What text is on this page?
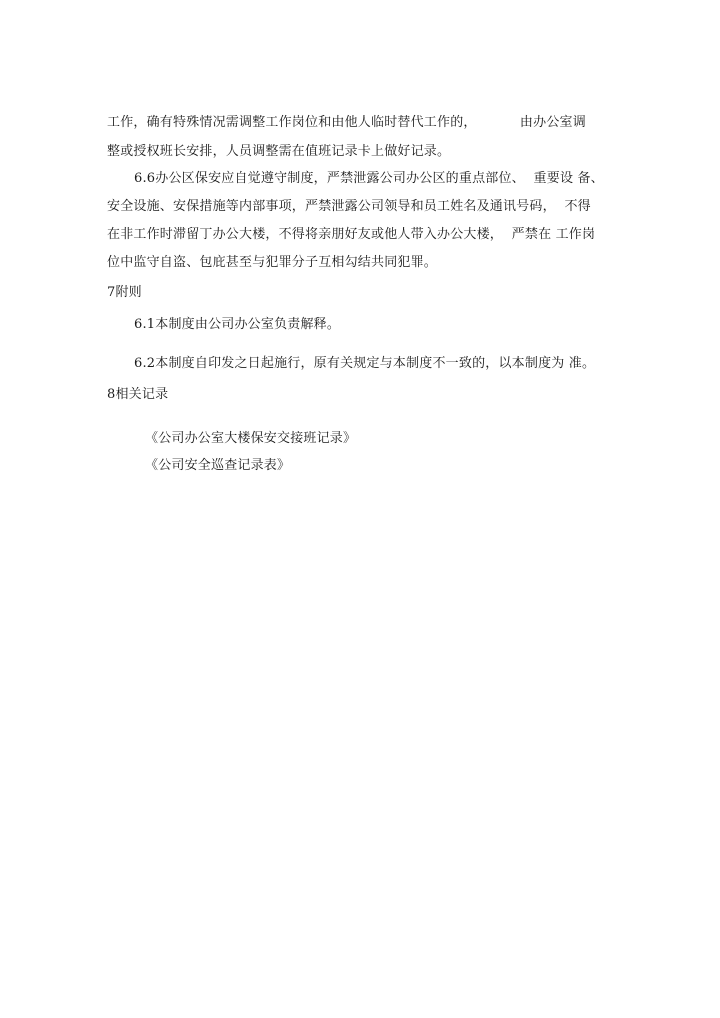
工作，确有特殊情况需调整工作岗位和由他人临时替代工作的，          由办公室调
整或授权班长安排，人员调整需在值班记录卡上做好记录。
6.6办公区保安应自觉遵守制度，严禁泄露公司办公区的重点部位、  重要设 备、
安全设施、安保措施等内部事项，严禁泄露公司领导和员工姓名及通讯号码，  不得
在非工作时滞留丁办公大楼，不得将亲朋好友或他人带入办公大楼，  严禁在 工作岗
位中监守自盗、包庇甚至与犯罪分子互相勾结共同犯罪。
7附则
6.1本制度由公司办公室负责解释。
6.2本制度自印发之日起施行，原有关规定与本制度不一致的，以本制度为 准。
8相关记录
《公司办公室大楼保安交接班记录》
《公司安全巡查记录表》
